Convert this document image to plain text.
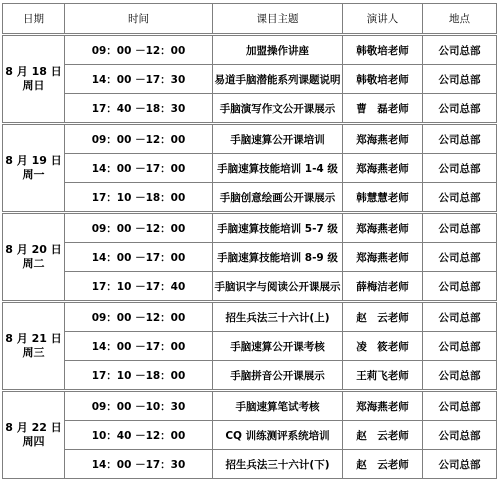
日期	时间	课目主题	演讲人	地点

8 月 18 日
周日	09：00 －12：00	加盟操作讲座	韩敬培老师	公司总部
	14：00 －17：30	易道手脑潜能系列课题说明	韩敬培老师	公司总部
	17：40 －18：30	手脑演写作文公开课展示	曹　磊老师	公司总部

8 月 19 日
周一	09：00 －12：00	手脑速算公开课培训	郑海燕老师	公司总部
	14：00 －17：00	手脑速算技能培训 1-4 级	郑海燕老师	公司总部
	17：10 －18：00	手脑创意绘画公开课展示	韩慧慧老师	公司总部

8 月 20 日
周二	09：00 －12：00	手脑速算技能培训 5-7 级	郑海燕老师	公司总部
	14：00 －17：00	手脑速算技能培训 8-9 级	郑海燕老师	公司总部
	17：10 －17：40	手脑识字与阅读公开课展示	薛梅洁老师	公司总部

8 月 21 日
周三	09：00 －12：00	招生兵法三十六计(上)	赵　云老师	公司总部
	14：00 －17：00	手脑速算公开课考核	凌　筱老师	公司总部
	17：10 －18：00	手脑拼音公开课展示	王莉飞老师	公司总部

8 月 22 日
周四	09：00 －10：30	手脑速算笔试考核	郑海燕老师	公司总部
	10：40 －12：00	CQ 训练测评系统培训	赵　云老师	公司总部
	14：00 －17：30	招生兵法三十六计(下)	赵　云老师	公司总部
